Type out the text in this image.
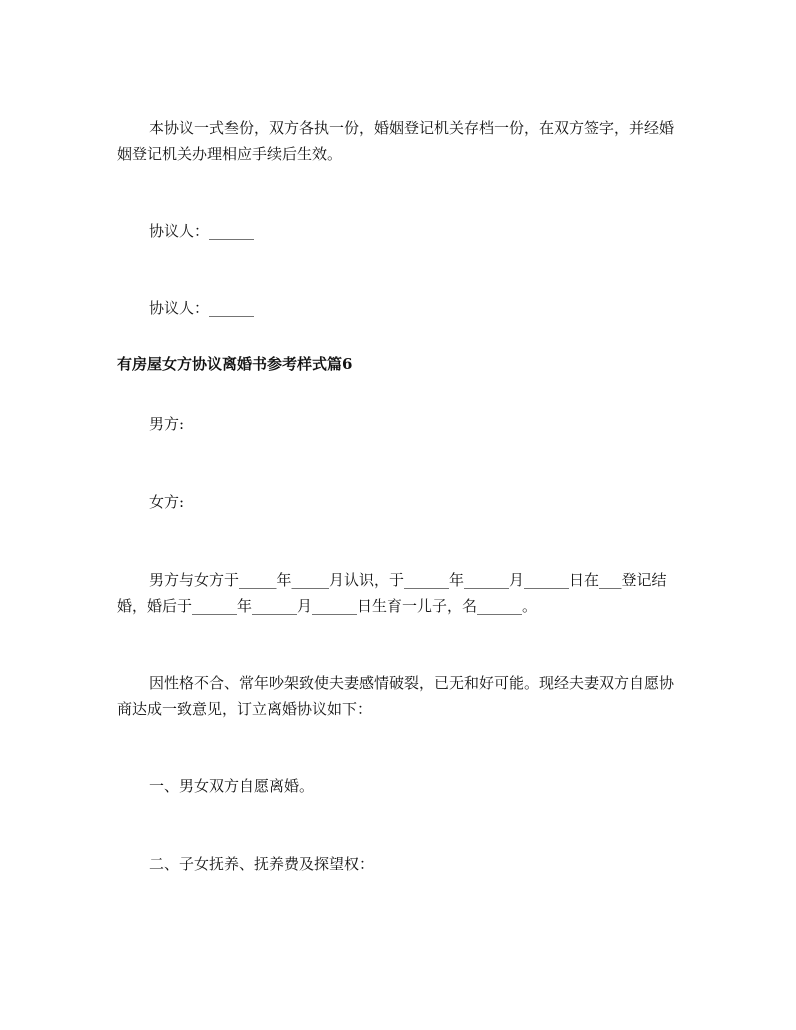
本协议一式叁份，双方各执一份，婚姻登记机关存档一份，在双方签字，并经婚姻登记机关办理相应手续后生效。

协议人：______

协议人：______

有房屋女方协议离婚书参考样式篇6

男方:

女方:

男方与女方于_____年_____月认识，于______年______月______日在___登记结婚，婚后于______年______月______日生育一儿子，名______。

因性格不合、常年吵架致使夫妻感情破裂，已无和好可能。现经夫妻双方自愿协商达成一致意见，订立离婚协议如下：

一、男女双方自愿离婚。

二、子女抚养、抚养费及探望权：
